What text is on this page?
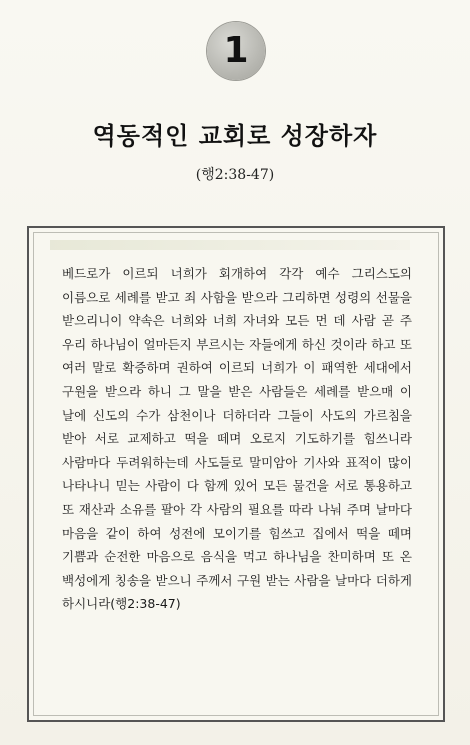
1
역동적인 교회로 성장하자
(행2:38-47)
베드로가 이르되 너희가 회개하여 각각 예수 그리스도의 이름으로 세례를 받고 죄 사함을 받으라 그리하면 성령의 선물을 받으리니이 약속은 너희와 너희 자녀와 모든 먼 데 사람 곧 주 우리 하나님이 얼마든지 부르시는 자들에게 하신 것이라 하고 또 여러 말로 확증하며 권하여 이르되 너희가 이 패역한 세대에서 구원을 받으라 하니 그 말을 받은 사람들은 세례를 받으매 이 날에 신도의 수가 삼천이나 더하더라 그들이 사도의 가르침을 받아 서로 교제하고 떡을 떼며 오로지 기도하기를 힘쓰니라 사람마다 두려워하는데 사도들로 말미암아 기사와 표적이 많이 나타나니 믿는 사람이 다 함께 있어 모든 물건을 서로 통용하고 또 재산과 소유를 팔아 각 사람의 필요를 따라 나눠 주며 날마다 마음을 같이 하여 성전에 모이기를 힘쓰고 집에서 떡을 떼며 기쁨과 순전한 마음으로 음식을 먹고 하나님을 찬미하며 또 온 백성에게 칭송을 받으니 주께서 구원 받는 사람을 날마다 더하게 하시니라(행2:38-47)
